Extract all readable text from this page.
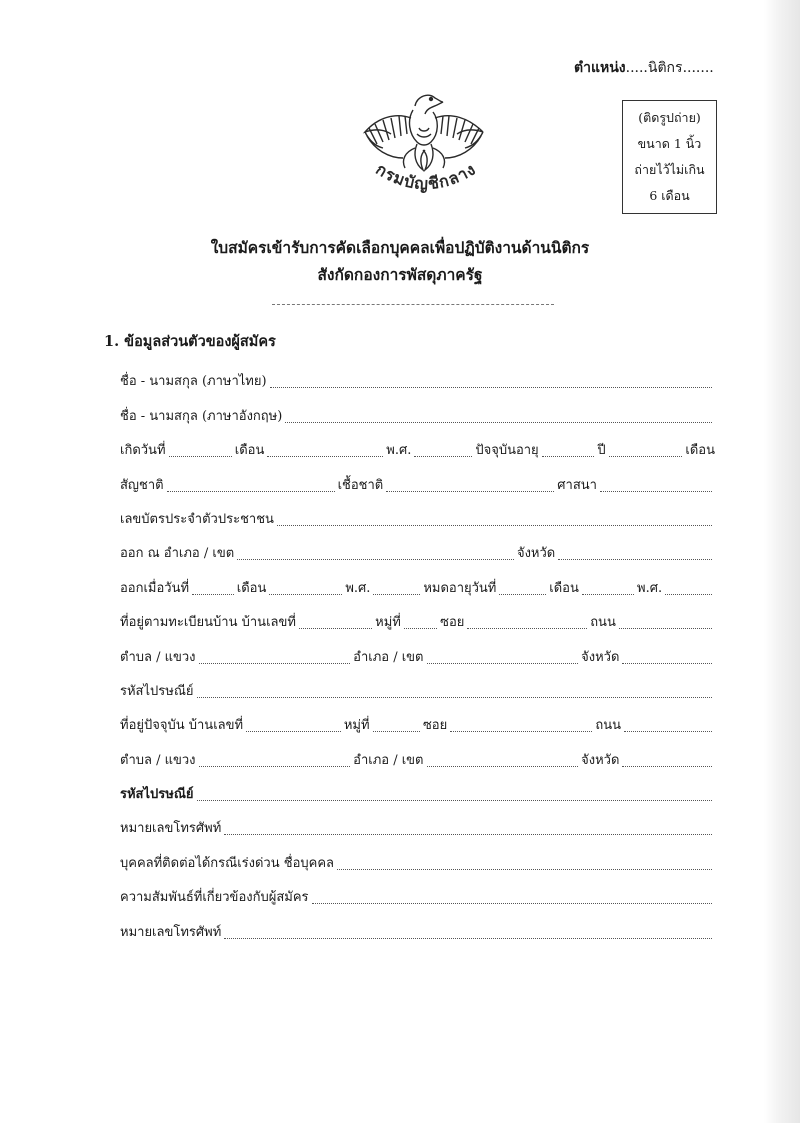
ตำแหน่ง.....นิติกร.......
กรมบัญชีกลาง
(ติดรูปถ่าย)
ขนาด 1 นิ้ว
ถ่ายไว้ไม่เกิน
6 เดือน
ใบสมัครเข้ารับการคัดเลือกบุคคลเพื่อปฏิบัติงานด้านนิติกร
สังกัดกองการพัสดุภาครัฐ
1. ข้อมูลส่วนตัวของผู้สมัคร
ชื่อ - นามสกุล (ภาษาไทย)
ชื่อ - นามสกุล (ภาษาอังกฤษ)
เกิดวันที่	เดือน	พ.ศ.	ปัจจุบันอายุ	ปี	เดือน
สัญชาติ	เชื้อชาติ	ศาสนา
เลขบัตรประจำตัวประชาชน
ออก ณ อำเภอ / เขต	จังหวัด
ออกเมื่อวันที่	เดือน	พ.ศ.	หมดอายุวันที่	เดือน	พ.ศ.
ที่อยู่ตามทะเบียนบ้าน บ้านเลขที่	หมู่ที่	ซอย	ถนน
ตำบล / แขวง	อำเภอ / เขต	จังหวัด
รหัสไปรษณีย์
ที่อยู่ปัจจุบัน บ้านเลขที่	หมู่ที่	ซอย	ถนน
ตำบล / แขวง	อำเภอ / เขต	จังหวัด
รหัสไปรษณีย์
หมายเลขโทรศัพท์
บุคคลที่ติดต่อได้กรณีเร่งด่วน ชื่อบุคคล
ความสัมพันธ์ที่เกี่ยวข้องกับผู้สมัคร
หมายเลขโทรศัพท์
